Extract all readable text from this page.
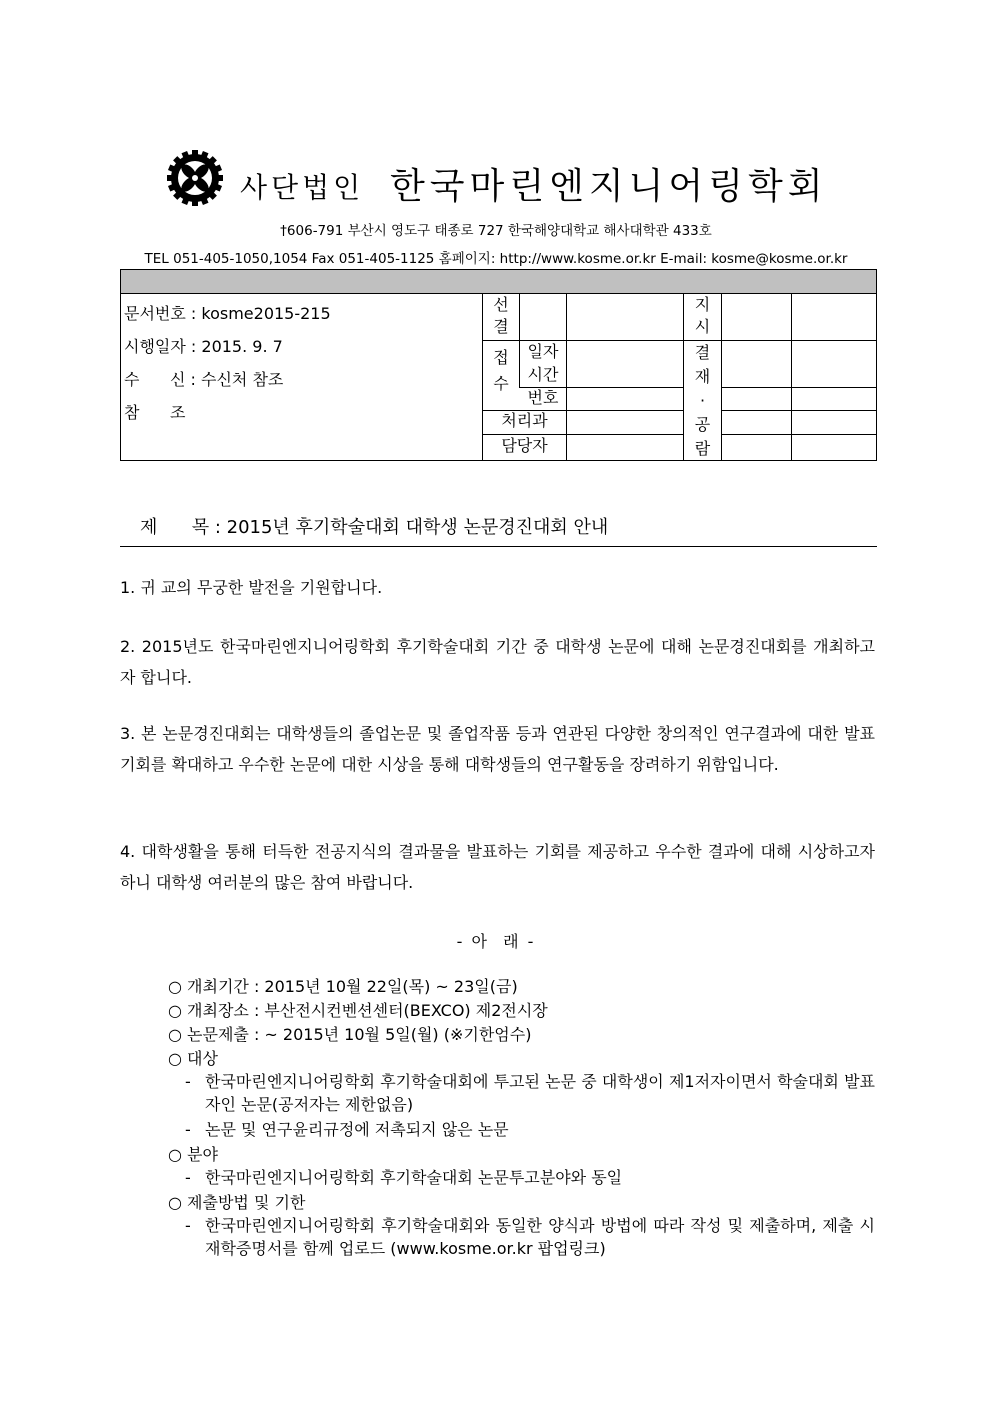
사단법인 한국마린엔지니어링학회
†606-791 부산시 영도구 태종로 727 한국해양대학교 해사대학관 433호
TEL 051-405-1050,1054 Fax 051-405-1125 홈페이지: http://www.kosme.or.kr E-mail: kosme@kosme.or.kr
문서번호 : kosme2015-215
시행일자 : 2015. 9. 7
수      신 : 수신처 참조
참      조
선
결
접
수
일자
시간
번호
처리과
담당자
지
시
결
재
·
공
람
제      목 : 2015년 후기학술대회 대학생 논문경진대회 안내
1. 귀 교의 무궁한 발전을 기원합니다.
2. 2015년도 한국마린엔지니어링학회 후기학술대회 기간 중 대학생 논문에 대해 논문경진대회를 개최하고자 합니다.
3. 본 논문경진대회는 대학생들의 졸업논문 및 졸업작품 등과 연관된 다양한 창의적인 연구결과에 대한 발표기회를 확대하고 우수한 논문에 대한 시상을 통해 대학생들의 연구활동을 장려하기 위함입니다.
4. 대학생활을 통해 터득한 전공지식의 결과물을 발표하는 기회를 제공하고 우수한 결과에 대해 시상하고자 하니 대학생 여러분의 많은 참여 바랍니다.
- 아  래 -
○ 개최기간 : 2015년 10월 22일(목) ~ 23일(금)
○ 개최장소 : 부산전시컨벤션센터(BEXCO) 제2전시장
○ 논문제출 : ~ 2015년 10월 5일(월) (※기한엄수)
○ 대상
- 한국마린엔지니어링학회 후기학술대회에 투고된 논문 중 대학생이 제1저자이면서 학술대회 발표자인 논문(공저자는 제한없음)
- 논문 및 연구윤리규정에 저촉되지 않은 논문
○ 분야
- 한국마린엔지니어링학회 후기학술대회 논문투고분야와 동일
○ 제출방법 및 기한
- 한국마린엔지니어링학회 후기학술대회와 동일한 양식과 방법에 따라 작성 및 제출하며, 제출 시 재학증명서를 함께 업로드 (www.kosme.or.kr 팝업링크)
